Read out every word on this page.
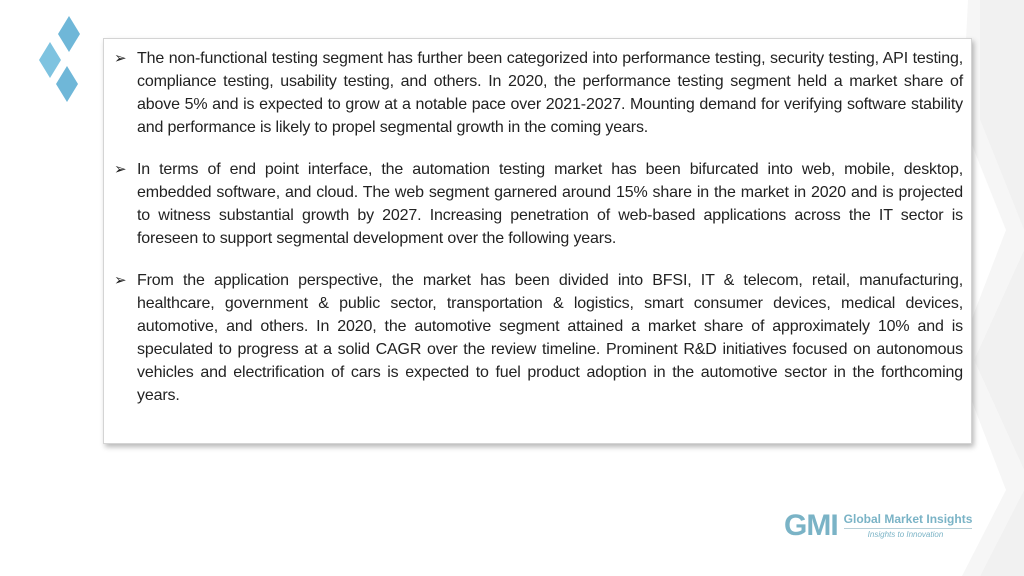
➢ The non-functional testing segment has further been categorized into performance testing, security testing, API testing, compliance testing, usability testing, and others. In 2020, the performance testing segment held a market share of above 5% and is expected to grow at a notable pace over 2021-2027. Mounting demand for verifying software stability and performance is likely to propel segmental growth in the coming years.
➢ In terms of end point interface, the automation testing market has been bifurcated into web, mobile, desktop, embedded software, and cloud. The web segment garnered around 15% share in the market in 2020 and is projected to witness substantial growth by 2027. Increasing penetration of web-based applications across the IT sector is foreseen to support segmental development over the following years.
➢ From the application perspective, the market has been divided into BFSI, IT & telecom, retail, manufacturing, healthcare, government & public sector, transportation & logistics, smart consumer devices, medical devices, automotive, and others. In 2020, the automotive segment attained a market share of approximately 10% and is speculated to progress at a solid CAGR over the review timeline. Prominent R&D initiatives focused on autonomous vehicles and electrification of cars is expected to fuel product adoption in the automotive sector in the forthcoming years.
GMI Global Market Insights
Insights to Innovation
